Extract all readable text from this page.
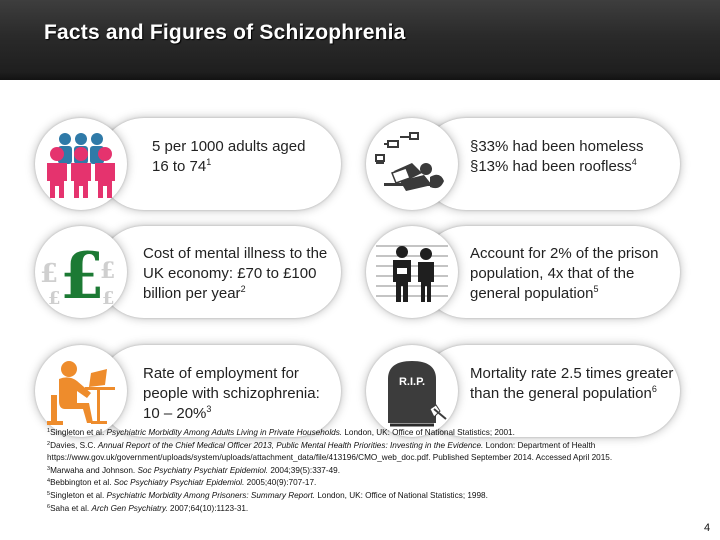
Facts and Figures of Schizophrenia
5 per 1000 adults aged 16 to $74^1$
§33% had been homeless
§13% had been roofless$^4$
£ £
£ £
£	Cost of mental illness to the UK economy: £70 to £100 billion per year$^2$
Account for 2% of the prison population, 4x that of the general population$^5$
Rate of employment for people with schizophrenia: 10 – 20%$^3$
R.I.P.	Mortality rate 2.5 times greater than the general population$^6$
$^1$Singleton et al. Psychiatric Morbidity Among Adults Living in Private Households. London, UK: Office of National Statistics; 2001.
$^2$Davies, S.C. Annual Report of the Chief Medical Officer 2013, Public Mental Health Priorities: Investing in the Evidence. London: Department of Health
https://www.gov.uk/government/uploads/system/uploads/attachment_data/file/413196/CMO_web_doc.pdf. Published September 2014. Accessed April 2015.
$^3$Marwaha and Johnson. Soc Psychiatry Psychiatr Epidemiol. 2004;39(5):337-49.
$^4$Bebbington et al. Soc Psychiatry Psychiatr Epidemiol. 2005;40(9):707-17.
$^5$Singleton et al. Psychiatric Morbidity Among Prisoners: Summary Report. London, UK: Office of National Statistics; 1998.
$^6$Saha et al. Arch Gen Psychiatry. 2007;64(10):1123-31.
4
